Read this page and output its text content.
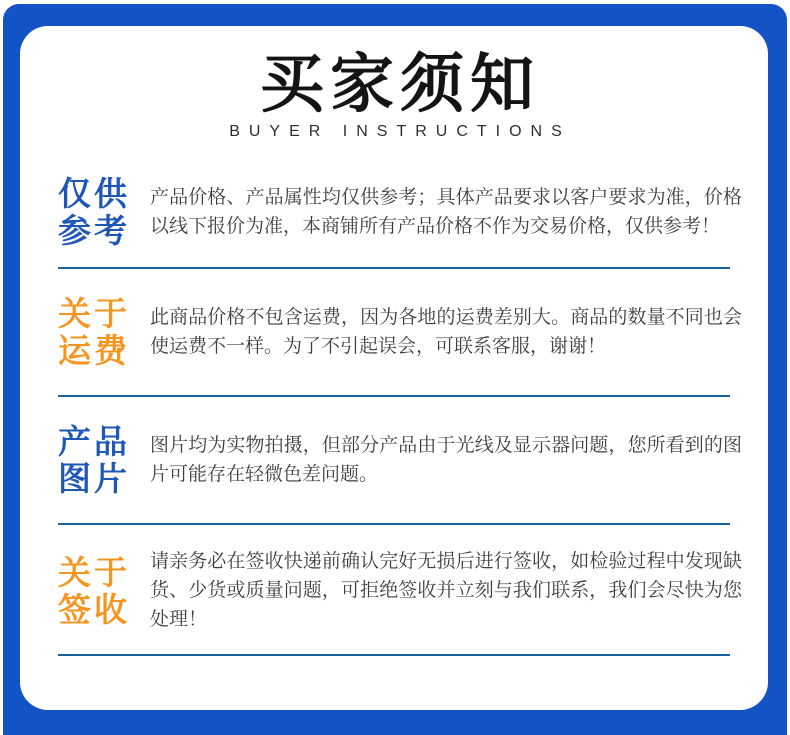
买家须知
BUYER INSTRUCTIONS
仅供
参考

产品价格、产品属性均仅供参考；具体产品要求以客户要求为准，价格以线下报价为准，本商铺所有产品价格不作为交易价格，仅供参考！

关于
运费

此商品价格不包含运费，因为各地的运费差别大。商品的数量不同也会使运费不一样。为了不引起误会，可联系客服，谢谢！

产品
图片

图片均为实物拍摄，但部分产品由于光线及显示器问题，您所看到的图片可能存在轻微色差问题。

关于
签收

请亲务必在签收快递前确认完好无损后进行签收，如检验过程中发现缺货、少货或质量问题，可拒绝签收并立刻与我们联系，我们会尽快为您处理！
